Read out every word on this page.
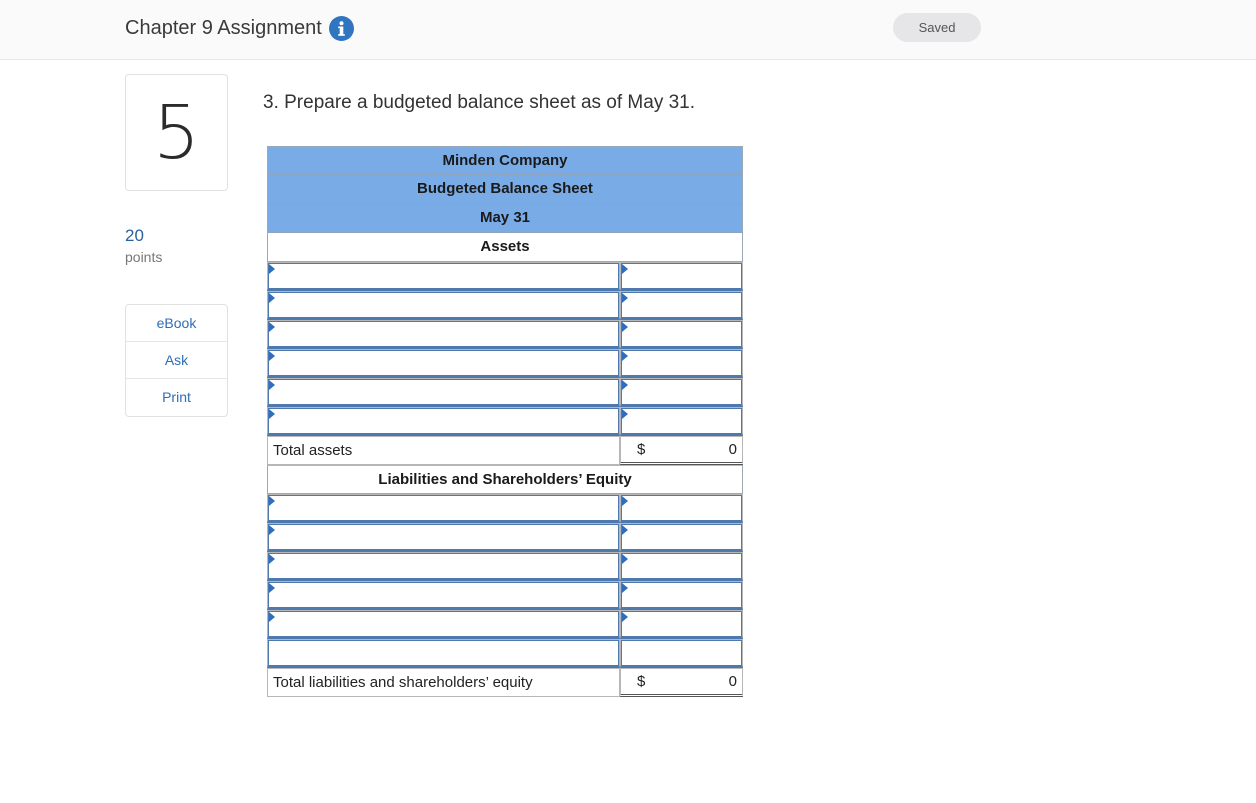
Chapter 9 Assignment	Saved
5
20
points
eBook
Ask
Print
3. Prepare a budgeted balance sheet as of May 31.
Minden Company
Budgeted Balance Sheet
May 31
Assets
Total assets	$	0
Liabilities and Shareholders’ Equity
Total liabilities and shareholders’ equity	$	0
